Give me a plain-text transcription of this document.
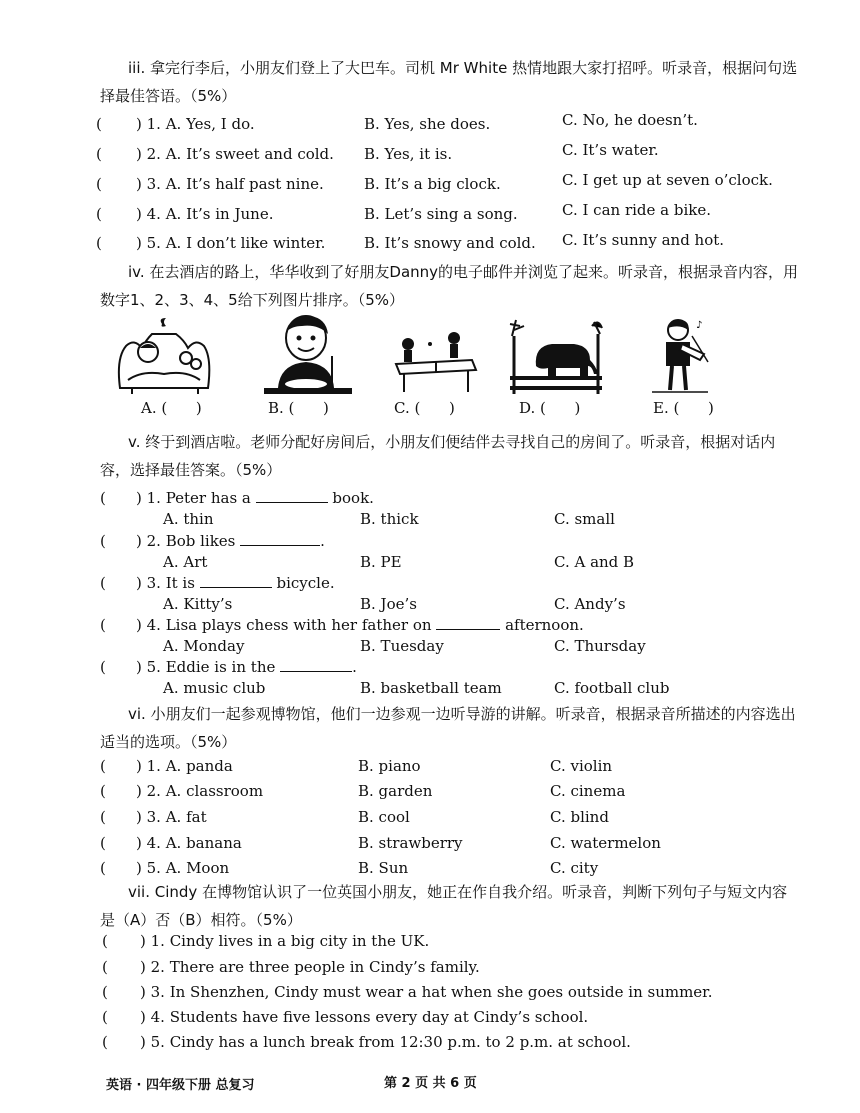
iii. 拿完行李后，小朋友们登上了大巴车。司机 Mr White 热情地跟大家打招呼。听录音，根据问句选择最佳答语。（5%）
( ) 1. A. Yes, I do.	B. Yes, she does.	C. No, he doesn’t.
( ) 2. A. It’s sweet and cold. B. Yes, it is.	C. It’s water.
( ) 3. A. It’s half past nine.	B. It’s a big clock.	C. I get up at seven o’clock.
( ) 4. A. It’s in June.	B. Let’s sing a song.	C. I can ride a bike.
( ) 5. A. I don’t like winter.	B. It’s snowy and cold. C. It’s sunny and hot.
iv. 在去酒店的路上，华华收到了好朋友Danny的电子邮件并浏览了起来。听录音，根据录音内容，用数字1、2、3、4、5给下列图片排序。（5%）
♪
A. (      )	B. (      )	C. (      )	D. (      )	E. (      )
v. 终于到酒店啦。老师分配好房间后，小朋友们便结伴去寻找自己的房间了。听录音，根据对话内容，选择最佳答案。（5%）
( ) 1. Peter has a	book.
A. thin	B. thick	C. small
( ) 2. Bob likes	.
A. Art	B. PE	C. A and B
( ) 3. It is	bicycle.
A. Kitty’s	B. Joe’s	C. Andy’s
( ) 4. Lisa plays chess with her father on	afternoon.
A. Monday	B. Tuesday	C. Thursday
( ) 5. Eddie is in the	.
A. music club	B. basketball team	C. football club
vi. 小朋友们一起参观博物馆，他们一边参观一边听导游的讲解。听录音，根据录音所描述的内容选出适当的选项。（5%）
( ) 1. A. panda	B. piano	C. violin
( ) 2. A. classroom	B. garden	C. cinema
( ) 3. A. fat	B. cool	C. blind
( ) 4. A. banana	B. strawberry	C. watermelon
( ) 5. A. Moon	B. Sun	C. city
vii. Cindy 在博物馆认识了一位英国小朋友，她正在作自我介绍。听录音，判断下列句子与短文内容是（A）否（B）相符。（5%）
( ) 1. Cindy lives in a big city in the UK.
( ) 2. There are three people in Cindy’s family.
( ) 3. In Shenzhen, Cindy must wear a hat when she goes outside in summer.
( ) 4. Students have five lessons every day at Cindy’s school.
( ) 5. Cindy has a lunch break from 12:30 p.m. to 2 p.m. at school.
英语 · 四年级下册 总复习	第 2 页 共 6 页
